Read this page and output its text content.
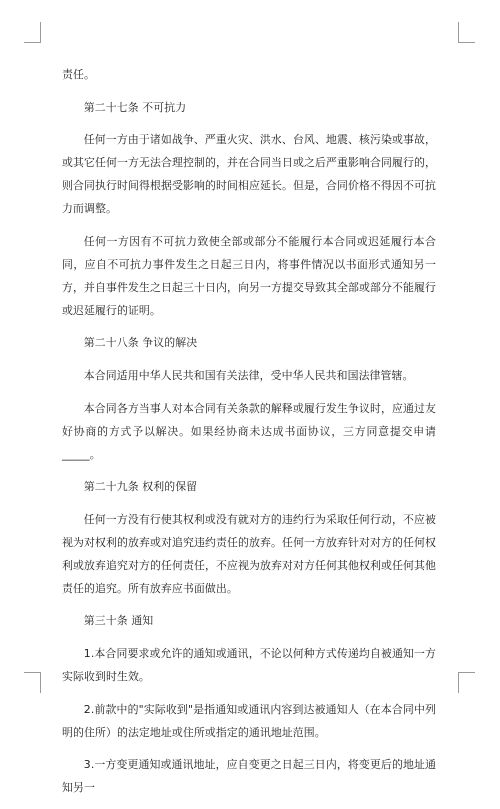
责任。

第二十七条 不可抗力

任何一方由于诸如战争、严重火灾、洪水、台风、地震、核污染或事故，或其它任何一方无法合理控制的，并在合同当日或之后严重影响合同履行的，则合同执行时间得根据受影响的时间相应延长。但是，合同价格不得因不可抗力而调整。

任何一方因有不可抗力致使全部或部分不能履行本合同或迟延履行本合同，应自不可抗力事件发生之日起三日内，将事件情况以书面形式通知另一方，并自事件发生之日起三十日内，向另一方提交导致其全部或部分不能履行或迟延履行的证明。

第二十八条 争议的解决

本合同适用中华人民共和国有关法律，受中华人民共和国法律管辖。

本合同各方当事人对本合同有关条款的解释或履行发生争议时，应通过友好协商的方式予以解决。如果经协商未达成书面协议，三方同意提交申请_____。

第二十九条 权利的保留

任何一方没有行使其权利或没有就对方的违约行为采取任何行动，不应被视为对权利的放弃或对追究违约责任的放弃。任何一方放弃针对对方的任何权利或放弃追究对方的任何责任，不应视为放弃对对方任何其他权利或任何其他责任的追究。所有放弃应书面做出。

第三十条 通知

1.本合同要求或允许的通知或通讯，不论以何种方式传递均自被通知一方实际收到时生效。

2.前款中的"实际收到"是指通知或通讯内容到达被通知人（在本合同中列明的住所）的法定地址或住所或指定的通讯地址范围。

3.一方变更通知或通讯地址，应自变更之日起三日内，将变更后的地址通知另一
